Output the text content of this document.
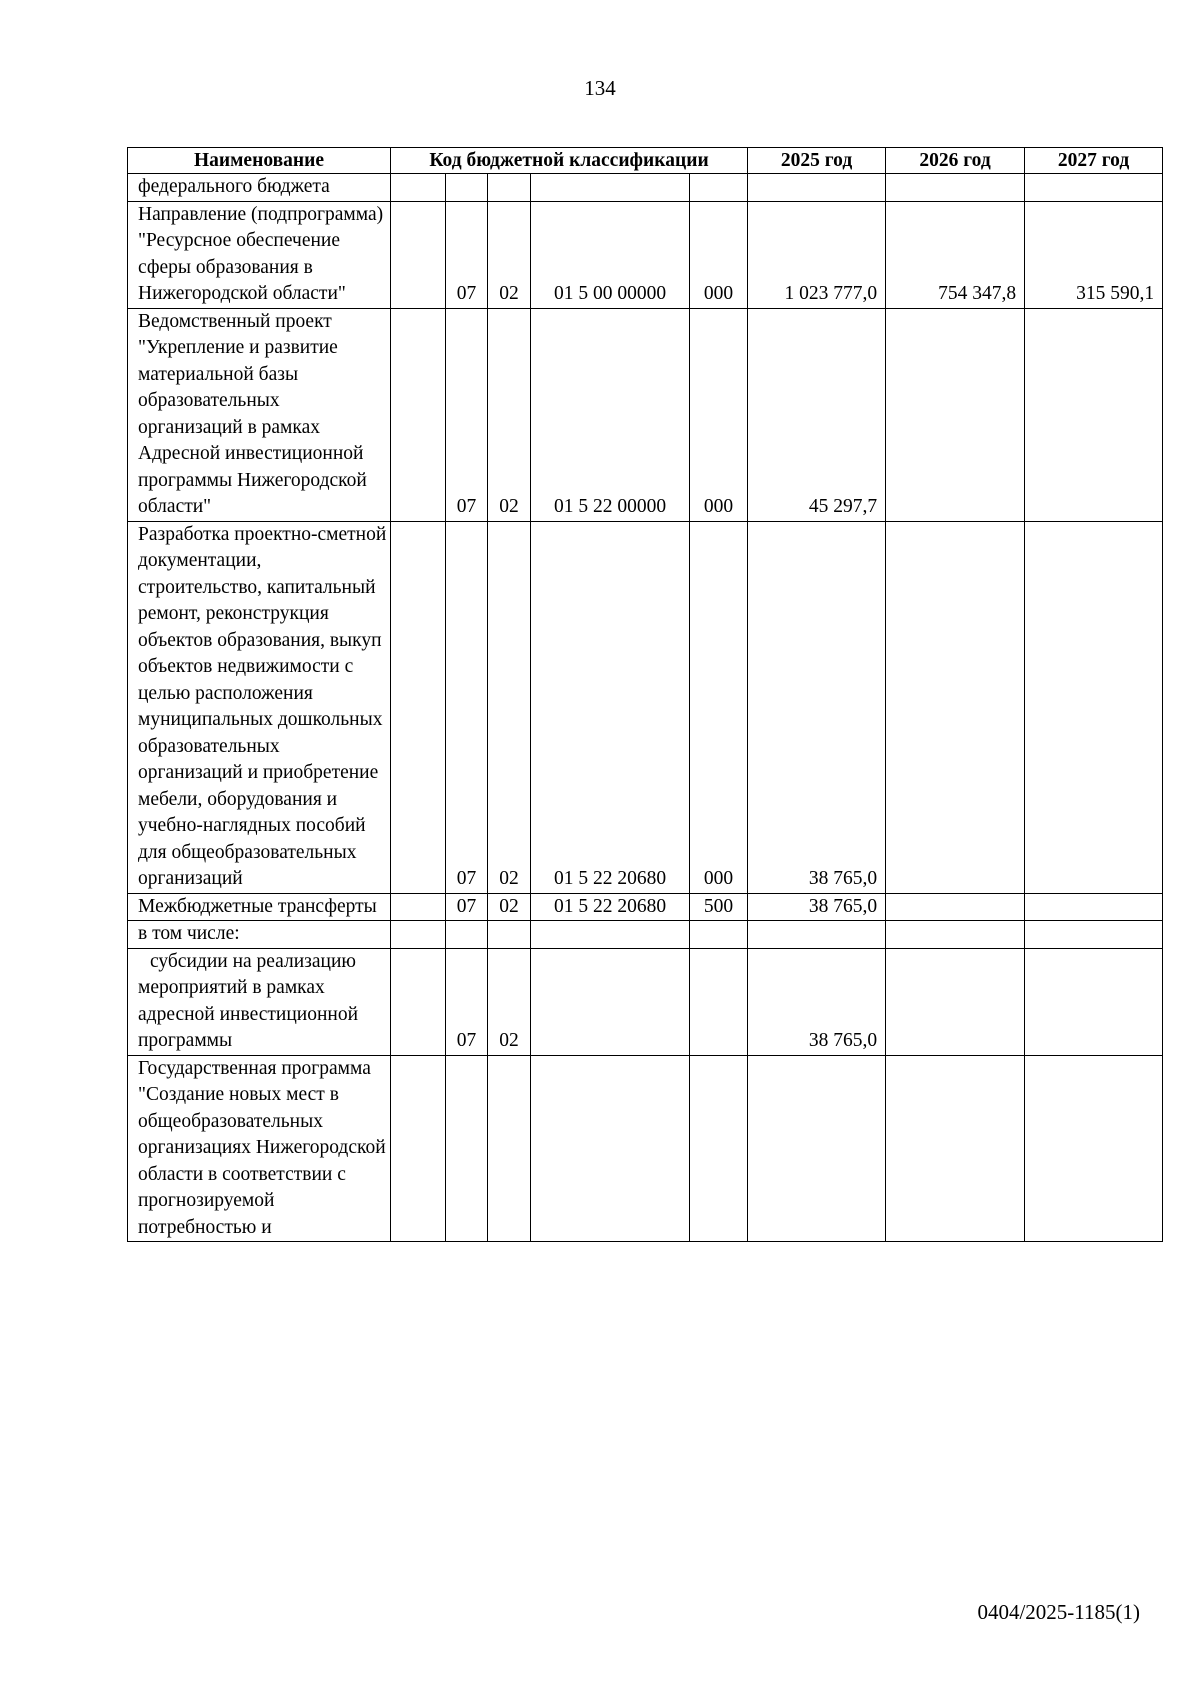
134
Наименование	Код бюджетной классификации					2025 год	2026 год	2027 год
федерального бюджета								
Направление (подпрограмма) "Ресурсное обеспечение сферы образования в Нижегородской области"		07	02	01 5 00 00000	000	1 023 777,0	754 347,8	315 590,1
Ведомственный проект "Укрепление и развитие материальной базы образовательных организаций в рамках Адресной инвестиционной программы Нижегородской области"		07	02	01 5 22 00000	000	45 297,7		
Разработка проектно-сметной документации, строительство, капитальный ремонт, реконструкция объектов образования, выкуп объектов недвижимости с целью расположения муниципальных дошкольных образовательных организаций и приобретение мебели, оборудования и учебно-наглядных пособий для общеобразовательных организаций		07	02	01 5 22 20680	000	38 765,0		
Межбюджетные трансферты		07	02	01 5 22 20680	500	38 765,0		
в том числе:								
субсидии на реализацию мероприятий в рамках адресной инвестиционной программы		07	02			38 765,0		
Государственная программа "Создание новых мест в общеобразовательных организациях Нижегородской области в соответствии с прогнозируемой потребностью и								
0404/2025-1185(1)
